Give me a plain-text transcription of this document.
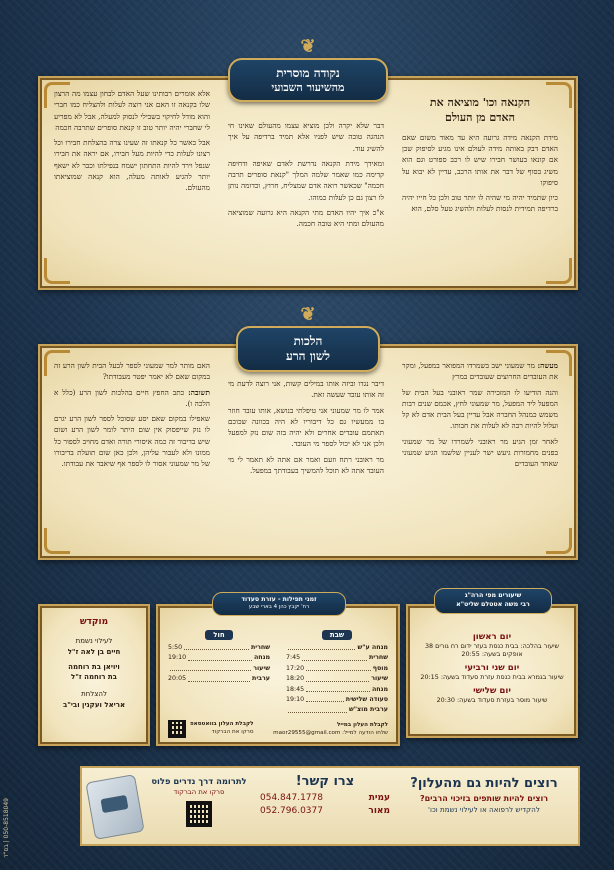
הקנאה וכו' מוציאה את
האדם מן העולם

מידת הקנאה מידה גרועה היא עד מאוד משום שאם האדם דבק באותה מידה לעולם אינו מגיע לסיפוק שכן אם קונאו בעושר חבירו שיש לו רכב ספורט וגם הוא משיג בסוף של דבר את אותו הרכב, עדיין לא יבוא על סיפוקו

כיון שתמיד יהיה מי שהיה לו יותר טוב ולכן כל חייו יהיה ברדיפה תמידית לנסות לעלות ולהשיג טעל סלם, הוא

דבר שלא יקרה ולכן מוציא עצמו מהעולם שאינו חי הנהגה טובה שיש לפניו אלא תמיד ברדיפה על איך להשיג עוד.

ומאידך מידת הקנאה נדרשת לאדם שאיפה ודחיפה קדימה כמו שאמר שלמה המלך "קנאת סופרים תרבה חכמה" שכאשר רואה אדם שמצליח, חרוץ, וכדומה נותן לו רצון גם כן לעלות כמוהו.

א"כ איך יהיו האדם מתי הקנאה היא גרועה שמוציאה מהעולם ומתי היא טובה חכמה.

אלא אומרים רבותינו שעל האדם לבחון עצמו מה הרצון שלו בקנאה זו האם אני רוצה לעלות ולהצליח כמו חברי והוא מודל לחיקוי בשבילי לנסוק למעלה, אבל לא מפריע לי שחברי יהיה יותר טוב זו קנאת סופרים שתרבה חכמה

אבל כאשר כל קנאתו זה שעינו צרה בהצלחת חבירו וכל רצונו לעלות כדי להיות מעל חבירו, אם יראה את חבירו שנפל וירד להיות התחתון ישמח בנפילתו וכבר לא ישאף יותר להגיע לאותה מעלה, הוא קנאה שמוציאתו מהעולם.

❦
נקודה מוסרית
מהשיעור השבועי

מעשה: מר שמעוני ישב בשמרדו המפואר במפעל, ומקר את העובדים החרוצים שעובדים במרץ

והנה הודיעו לו המזכירה שמר ראובני בעל הבית של המפעל ליד המפעל, מר שמעוני לחץ, אכמם שנים רבות משמש כמנהל החברה אבל עדיין בעל הבית אדם לא קל ועלול להיות רבה לא לעלות את חבותו.

לאחר זמן הגיע מר ראובני לשמרדו של מר שמעוני בפנים מחמורות גיעש ישר לעניין שלשמו הגיע שמעוני שאחד העובדים

דיבר נגדו וביזה אותו במילים קשות, אני רוצה לדעת מי זה אותו עובד שעשה זאת.

אמר לו מר שמעוני אני טיפלתי בנושא, אותו עובד חוזר בו ממעשיו גם כל דיבוריו לא היה בכוונה שכוכם תאתמם עובדים אחרים ולא יהיה בזה שום נזק למפעל ולכן אני לא יכול לספר מי העובד.

מר ראובני רתח וזעם ואמר אם אתה לא תאמר לי מי העובד אתה לא תוכל להמשיך בעבודתך במפעל.

האם מותר למר שמעוני לספר לבעל הבית לשון הרע זה במקום שאם לא יאמר יפטר מעבודתו?

תשובה: כתב החפץ חיים בהלכות לשון הרע (כלל א הלכה ו).

שאפילו במקום שאם יסע שסוכל לספר לשון הרע יגרם לו נזק שייפסוק אין שום היתר לומר לשון הרע ושום שיש בדיבור זה כמה איסורי תורה ואדם מחויב לספור כל ממונו ולא לעבור עליהן, ולכן כאן שום תועלת בדיבורו של מר שמעוני אסור לו לספר אף שיאבד את עבודתו.

❦
הלכות
לשון הרע
יום ראשון
שיעור בהלכה: בבית כנסת בעזר ידום רח גורים 38 אופקים בשעה: 20:55
יום שני ורביעי
שיעור בגמרא בבית כנסת עזרת סעדוד בשעה: 20:15
יום שלישי
שיעור מוסר בעזרת סעדוד בשעה: 20:30
שיעורים מפי הרה"ג
רבי משה אטטלם שליט"א
שבת
מנחה ע"ש
שחרית
7:45
מוסף
17:20
שיעור
18:20
מנחה
18:45
סעודה שלישית
19:10
ערבית מוצ"ש
חול
שחרית
5:50
מנחה
19:10
שיעור
ערבית
20:05
לקבלת העלון במייל
שלחו הודעה למייל: maor29555@gmail.com
לקבלת העלון בוואטסאפ
סרקו את הברקוד
זמני תפילות - עזרת סעדוד
רח' יקבץ כהן 4 בארי שבע
מוקדש
לעילוי נשמת
חיים בן לאה ז"ל
ויויאן בת רוחמה
בת רוחמה ז"ל
להצלחת
אריאל ועקנין ובי"ב
רוצים להיות גם מהעלון?
רוצים להיות שותפים בזיכוי הרבים?
להקדיש לרפואה או לעילוי נשמת וכו'
צרו קשר!
עמית
054.847.1778
מאור
052.796.0377
לתרומה דרך נדרים פלוס
סרקו את הברקוד
050-8518049 | בס"ד
